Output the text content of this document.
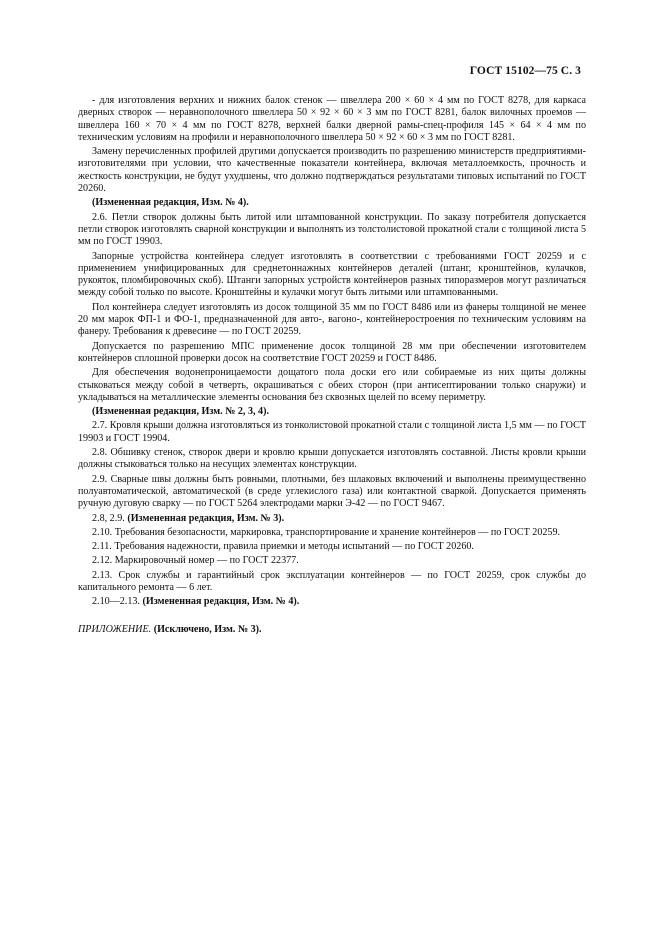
ГОСТ 15102—75 С. 3

- для изготовления верхних и нижних балок стенок — швеллера 200 × 60 × 4 мм по ГОСТ 8278, для каркаса дверных створок — неравнополочного швеллера 50 × 92 × 60 × 3 мм по ГОСТ 8281, балок вилочных проемов — швеллера 160 × 70 × 4 мм по ГОСТ 8278, верхней балки дверной рамы-спец-профиля 145 × 64 × 4 мм по техническим условиям на профили и неравнополочного швеллера 50 × 92 × 60 × 3 мм по ГОСТ 8281.

Замену перечисленных профилей другими допускается производить по разрешению министерств предприятиями-изготовителями при условии, что качественные показатели контейнера, включая металлоемкость, прочность и жесткость конструкции, не будут ухудшены, что должно подтверждаться результатами типовых испытаний по ГОСТ 20260.

(Измененная редакция, Изм. № 4).

2.6. Петли створок должны быть литой или штампованной конструкции. По заказу потребителя допускается петли створок изготовлять сварной конструкции и выполнять из толстолистовой прокатной стали с толщиной листа 5 мм по ГОСТ 19903.

Запорные устройства контейнера следует изготовлять в соответствии с требованиями ГОСТ 20259 и с применением унифицированных для среднетоннажных контейнеров деталей (штанг, кронштейнов, кулачков, рукояток, пломбировочных скоб). Штанги запорных устройств контейнеров разных типоразмеров могут различаться между собой только по высоте. Кронштейны и кулачки могут быть литыми или штампованными.

Пол контейнера следует изготовлять из досок толщиной 35 мм по ГОСТ 8486 или из фанеры толщиной не менее 20 мм марок ФП-1 и ФО-1, предназначенной для авто-, вагоно-, контейнеростроения по техническим условиям на фанеру. Требования к древесине — по ГОСТ 20259.

Допускается по разрешению МПС применение досок толщиной 28 мм при обеспечении изготовителем контейнеров сплошной проверки досок на соответствие ГОСТ 20259 и ГОСТ 8486.

Для обеспечения водонепроницаемости дощатого пола доски его или собираемые из них щиты должны стыковаться между собой в четверть, окрашиваться с обеих сторон (при антисептировании только снаружи) и укладываться на металлические элементы основания без сквозных щелей по всему периметру.

(Измененная редакция, Изм. № 2, 3, 4).

2.7. Кровля крыши должна изготовляться из тонколистовой прокатной стали с толщиной листа 1,5 мм — по ГОСТ 19903 и ГОСТ 19904.

2.8. Обшивку стенок, створок двери и кровлю крыши допускается изготовлять составной. Листы кровли крыши должны стыковаться только на несущих элементах конструкции.

2.9. Сварные швы должны быть ровными, плотными, без шлаковых включений и выполнены преимущественно полуавтоматической, автоматической (в среде углекислого газа) или контактной сваркой. Допускается применять ручную дуговую сварку — по ГОСТ 5264 электродами марки Э-42 — по ГОСТ 9467.

2.8, 2.9. (Измененная редакция, Изм. № 3).

2.10. Требования безопасности, маркировка, транспортирование и хранение контейнеров — по ГОСТ 20259.

2.11. Требования надежности, правила приемки и методы испытаний — по ГОСТ 20260.

2.12. Маркировочный номер — по ГОСТ 22377.

2.13. Срок службы и гарантийный срок эксплуатации контейнеров — по ГОСТ 20259, срок службы до капитального ремонта — 6 лет.

2.10—2.13. (Измененная редакция, Изм. № 4).

ПРИЛОЖЕНИЕ. (Исключено, Изм. № 3).
